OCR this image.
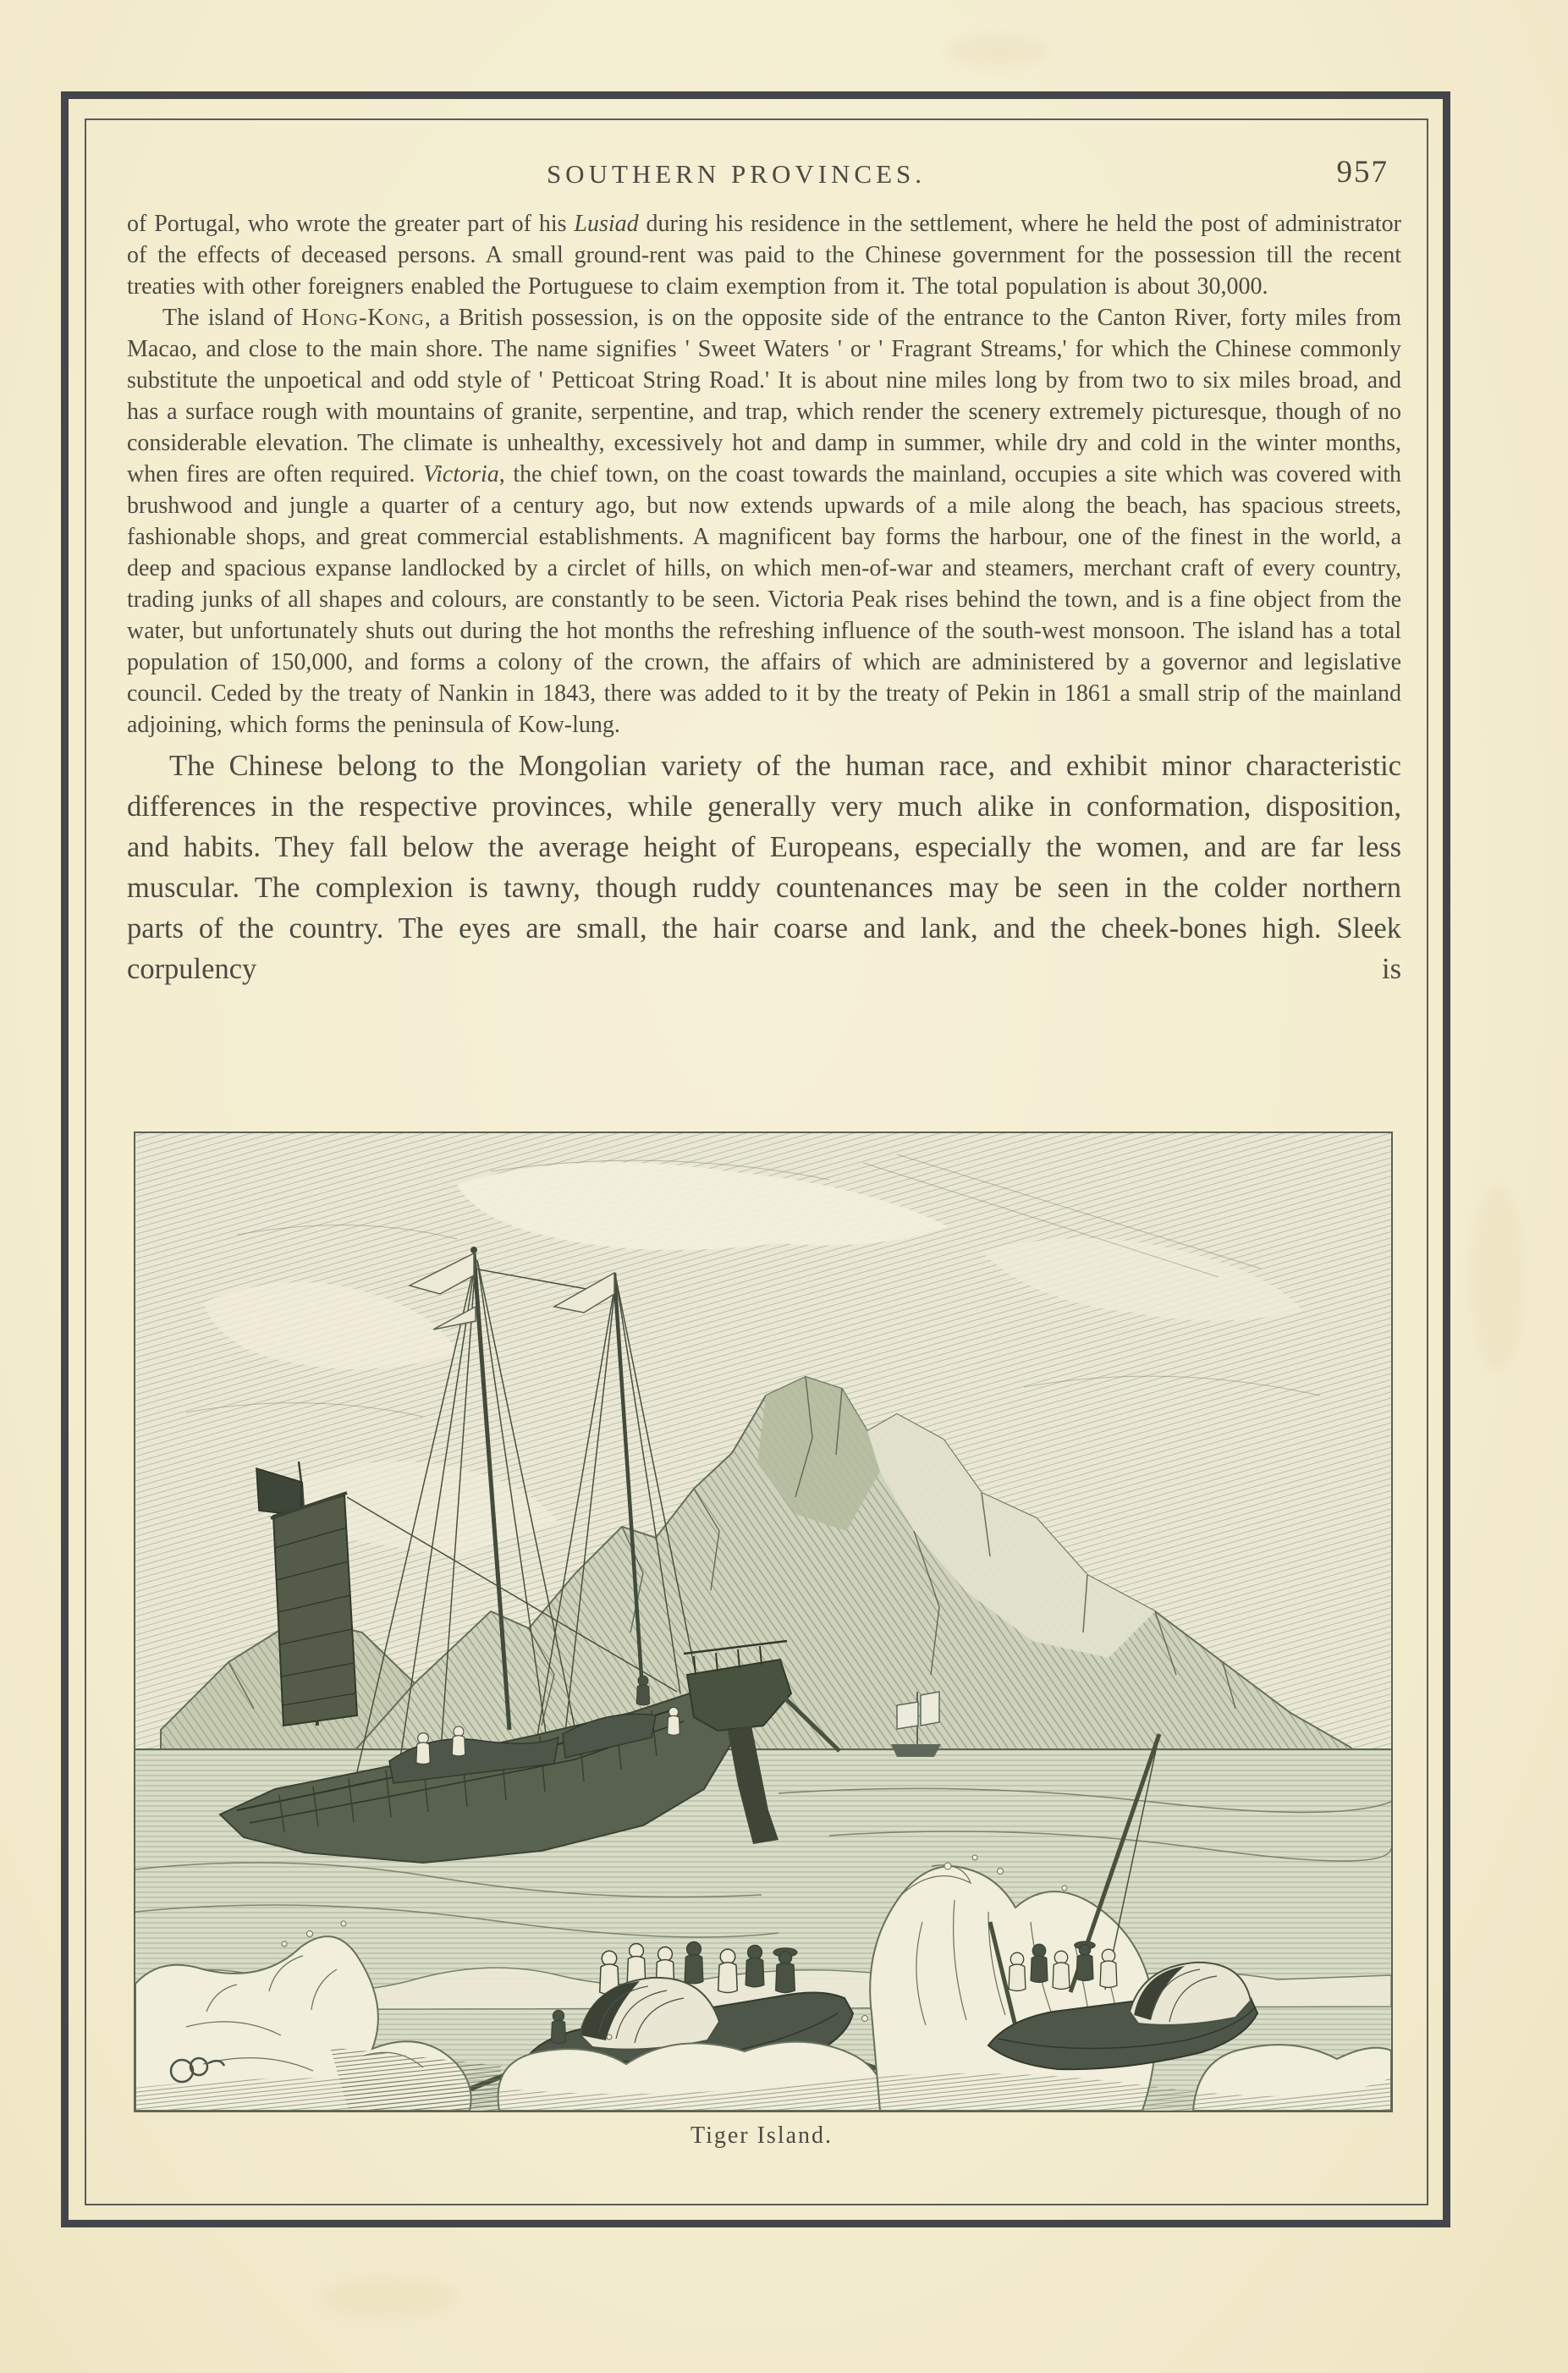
SOUTHERN PROVINCES.	957

of Portugal, who wrote the greater part of his Lusiad during his residence in the settlement, where he held the post of administrator of the effects of deceased persons. A small ground-rent was paid to the Chinese government for the possession till the recent treaties with other foreigners enabled the Portuguese to claim exemption from it. The total population is about 30,000.

The island of Hong-Kong, a British possession, is on the opposite side of the entrance to the Canton River, forty miles from Macao, and close to the main shore. The name signifies ' Sweet Waters ' or ' Fragrant Streams,' for which the Chinese commonly substitute the unpoetical and odd style of ' Petticoat String Road.' It is about nine miles long by from two to six miles broad, and has a surface rough with mountains of granite, serpentine, and trap, which render the scenery extremely picturesque, though of no considerable elevation. The climate is unhealthy, excessively hot and damp in summer, while dry and cold in the winter months, when fires are often required. Victoria, the chief town, on the coast towards the mainland, occupies a site which was covered with brushwood and jungle a quarter of a century ago, but now extends upwards of a mile along the beach, has spacious streets, fashionable shops, and great commercial establishments. A magnificent bay forms the harbour, one of the finest in the world, a deep and spacious expanse landlocked by a circlet of hills, on which men-of-war and steamers, merchant craft of every country, trading junks of all shapes and colours, are constantly to be seen. Victoria Peak rises behind the town, and is a fine object from the water, but unfortunately shuts out during the hot months the refreshing influence of the south-west monsoon. The island has a total population of 150,000, and forms a colony of the crown, the affairs of which are administered by a governor and legislative council. Ceded by the treaty of Nankin in 1843, there was added to it by the treaty of Pekin in 1861 a small strip of the mainland adjoining, which forms the peninsula of Kow-lung.

The Chinese belong to the Mongolian variety of the human race, and exhibit minor characteristic differences in the respective provinces, while generally very much alike in conformation, disposition, and habits. They fall below the average height of Europeans, especially the women, and are far less muscular. The complexion is tawny, though ruddy countenances may be seen in the colder northern parts of the country. The eyes are small, the hair coarse and lank, and the cheek-bones high. Sleek corpulency is

Tiger Island.
